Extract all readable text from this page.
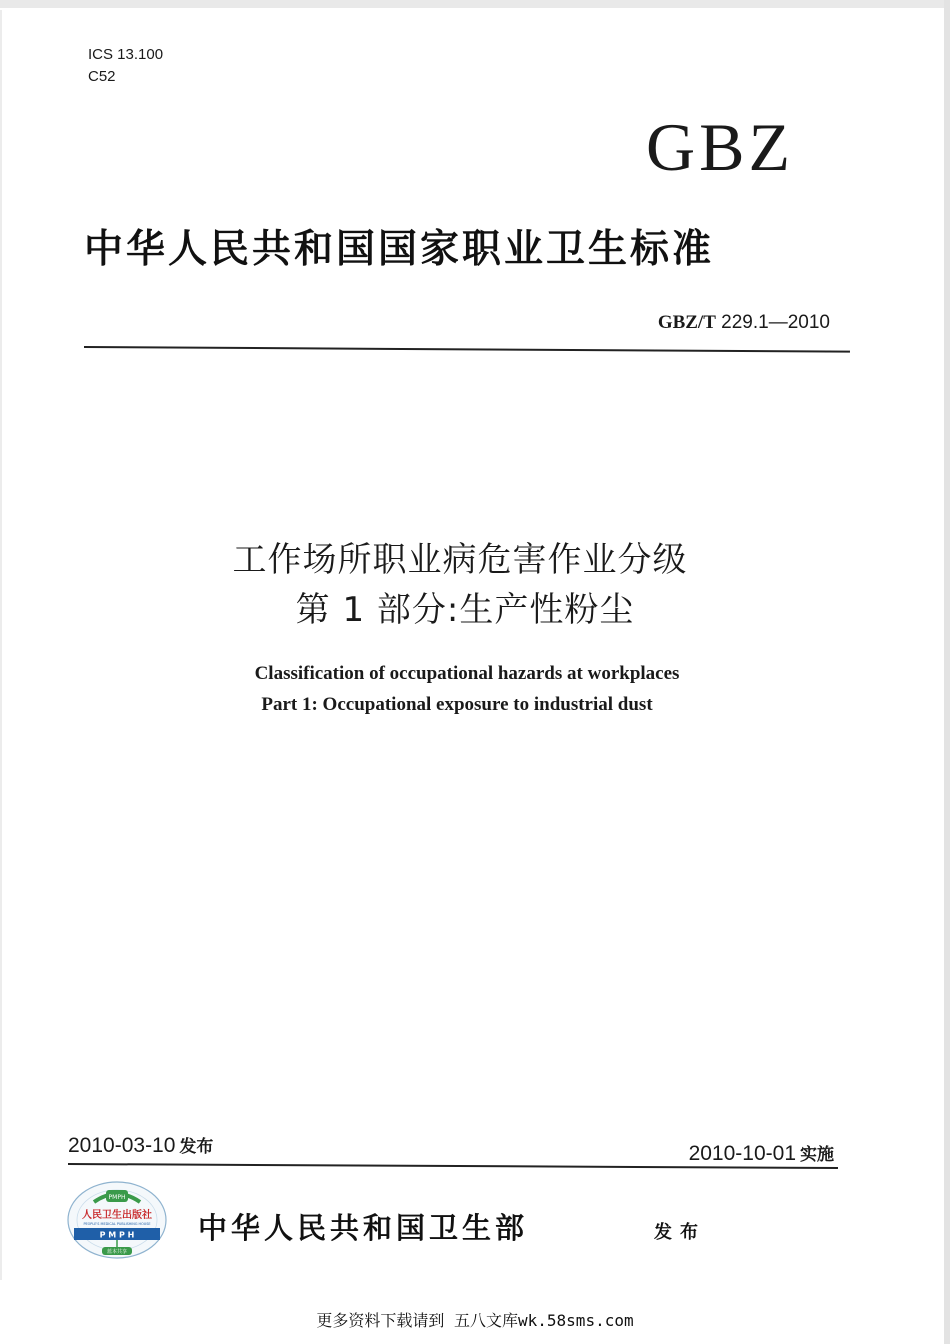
ICS 13.100
C52
GBZ
中华人民共和国国家职业卫生标准
GBZ/T 229.1—2010
工作场所职业病危害作业分级
第 1 部分:生产性粉尘
Classification of occupational hazards at workplaces
Part 1: Occupational exposure to industrial dust
2010-03-10 发布	2010-10-01 实施
PMPH
人民卫生出版社
PEOPLE'S MEDICAL PUBLISHING HOUSE
P M P H
蓝本共享
中华人民共和国卫生部	发布
更多资料下载请到 五八文库wk.58sms.com
